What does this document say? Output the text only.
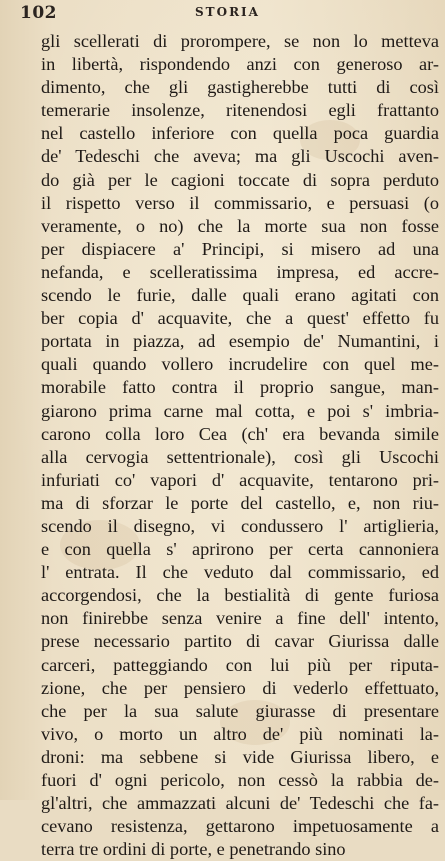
102	STORIA
gli scellerati di prorompere, se non lo metteva
in libertà, rispondendo anzi con generoso ar-
dimento, che gli gastigherebbe tutti di così
temerarie insolenze, ritenendosi egli frattanto
nel castello inferiore con quella poca guardia
de' Tedeschi che aveva; ma gli Uscochi aven-
do già per le cagioni toccate di sopra perduto
il rispetto verso il commissario, e persuasi (o
veramente, o no) che la morte sua non fosse
per dispiacere a' Principi, si misero ad una
nefanda, e scelleratissima impresa, ed accre-
scendo le furie, dalle quali erano agitati con
ber copia d' acquavite, che a quest' effetto fu
portata in piazza, ad esempio de' Numantini, i
quali quando vollero incrudelire con quel me-
morabile fatto contra il proprio sangue, man-
giarono prima carne mal cotta, e poi s' imbria-
carono colla loro Cea (ch' era bevanda simile
alla cervogia settentrionale), così gli Uscochi
infuriati co' vapori d' acquavite, tentarono pri-
ma di sforzar le porte del castello, e, non riu-
scendo il disegno, vi condussero l' artiglieria,
e con quella s' aprirono per certa cannoniera
l' entrata. Il che veduto dal commissario, ed
accorgendosi, che la bestialità di gente furiosa
non finirebbe senza venire a fine dell' intento,
prese necessario partito di cavar Giurissa dalle
carceri, patteggiando con lui più per riputa-
zione, che per pensiero di vederlo effettuato,
che per la sua salute giurasse di presentare
vivo, o morto un altro de' più nominati la-
droni: ma sebbene si vide Giurissa libero, e
fuori d' ogni pericolo, non cessò la rabbia de-
gl'altri, che ammazzati alcuni de' Tedeschi che fa-
cevano resistenza, gettarono impetuosamente a
terra tre ordini di porte, e penetrando sino
